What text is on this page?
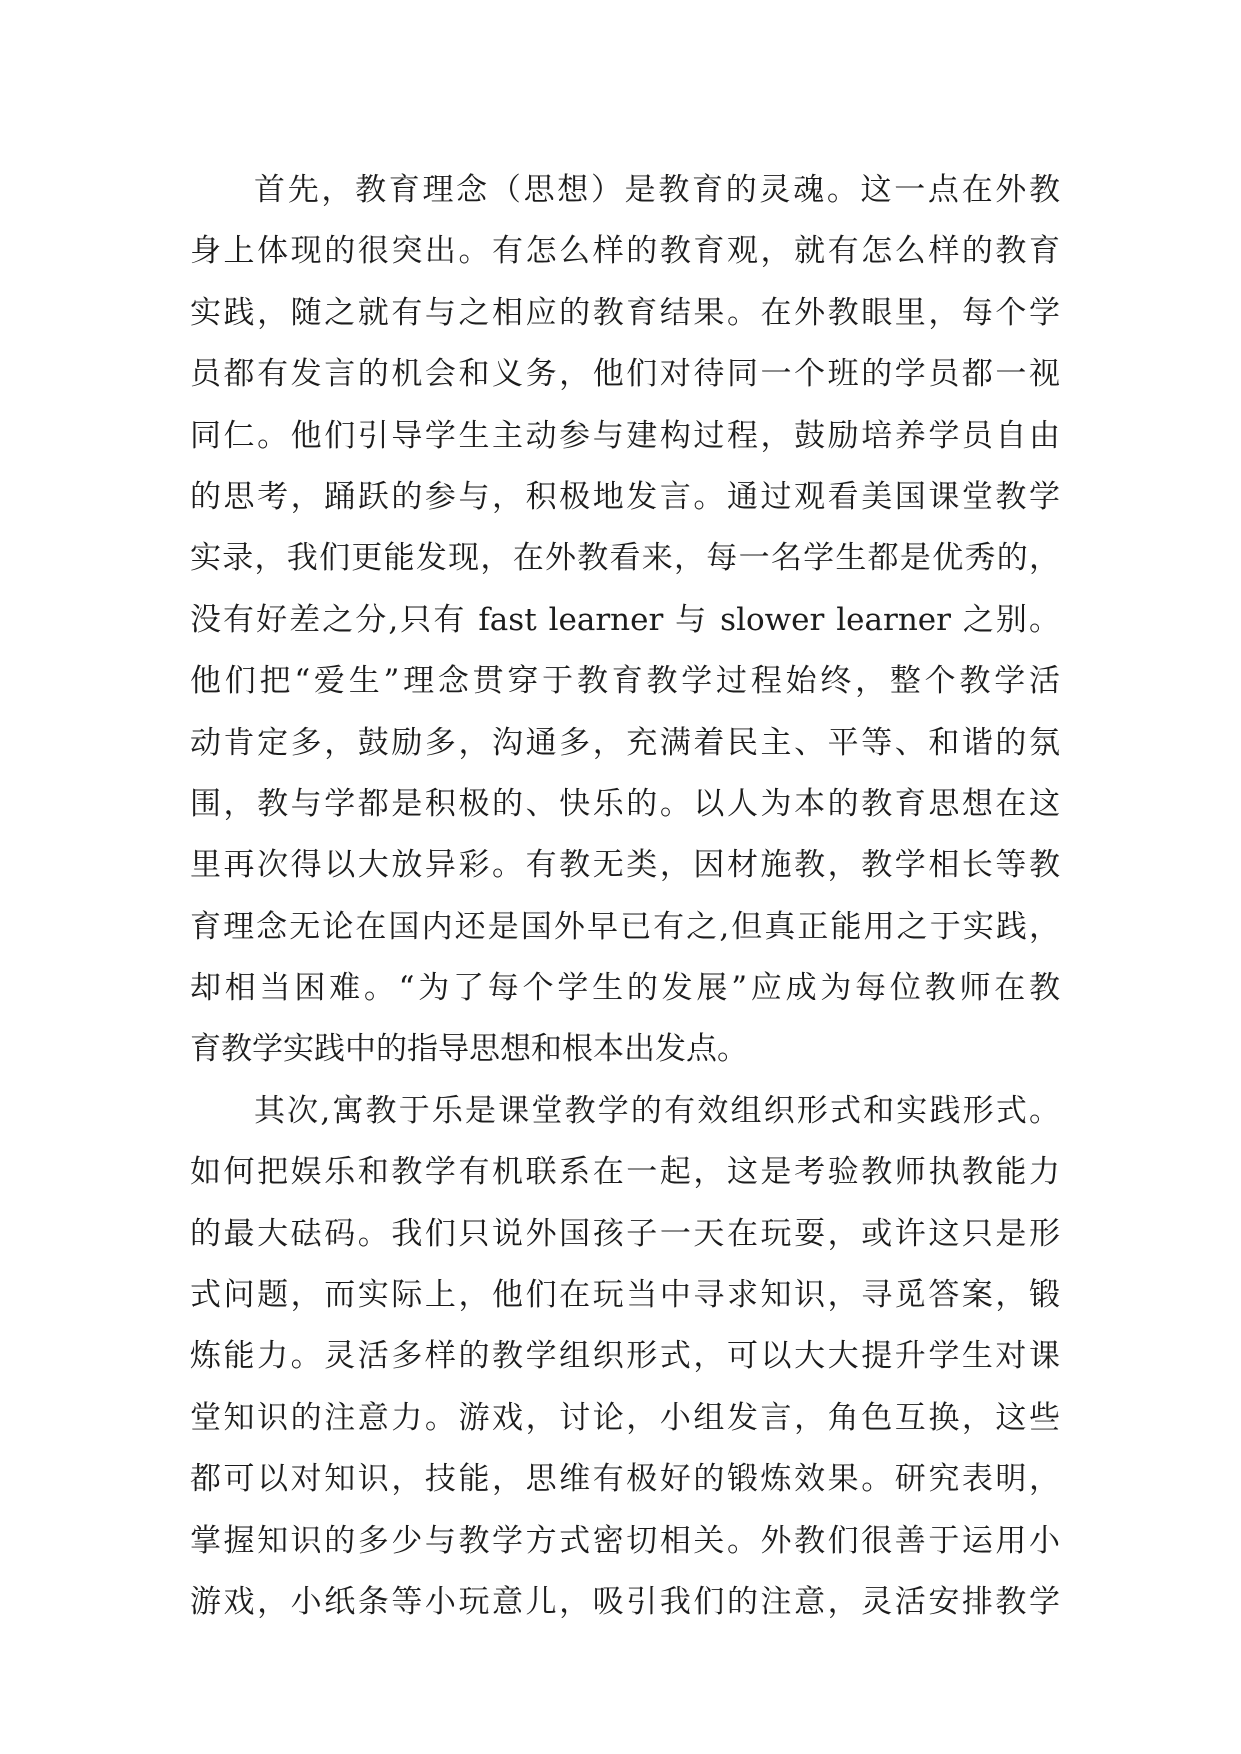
首先，教育理念（思想）是教育的灵魂。这一点在外教
身上体现的很突出。有怎么样的教育观，就有怎么样的教育
实践，随之就有与之相应的教育结果。在外教眼里，每个学
员都有发言的机会和义务，他们对待同一个班的学员都一视
同仁。他们引导学生主动参与建构过程，鼓励培养学员自由
的思考，踊跃的参与，积极地发言。通过观看美国课堂教学
实录，我们更能发现，在外教看来，每一名学生都是优秀的，
没有好差之分,只有 fast learner 与 slower learner 之别。
他们把“爱生”理念贯穿于教育教学过程始终，整个教学活
动肯定多，鼓励多，沟通多，充满着民主、平等、和谐的氛
围，教与学都是积极的、快乐的。以人为本的教育思想在这
里再次得以大放异彩。有教无类，因材施教，教学相长等教
育理念无论在国内还是国外早已有之,但真正能用之于实践，
却相当困难。“为了每个学生的发展”应成为每位教师在教
育教学实践中的指导思想和根本出发点。
其次,寓教于乐是课堂教学的有效组织形式和实践形式。
如何把娱乐和教学有机联系在一起，这是考验教师执教能力
的最大砝码。我们只说外国孩子一天在玩耍，或许这只是形
式问题，而实际上，他们在玩当中寻求知识，寻觅答案，锻
炼能力。灵活多样的教学组织形式，可以大大提升学生对课
堂知识的注意力。游戏，讨论，小组发言，角色互换，这些
都可以对知识，技能，思维有极好的锻炼效果。研究表明，
掌握知识的多少与教学方式密切相关。外教们很善于运用小
游戏，小纸条等小玩意儿，吸引我们的注意，灵活安排教学
